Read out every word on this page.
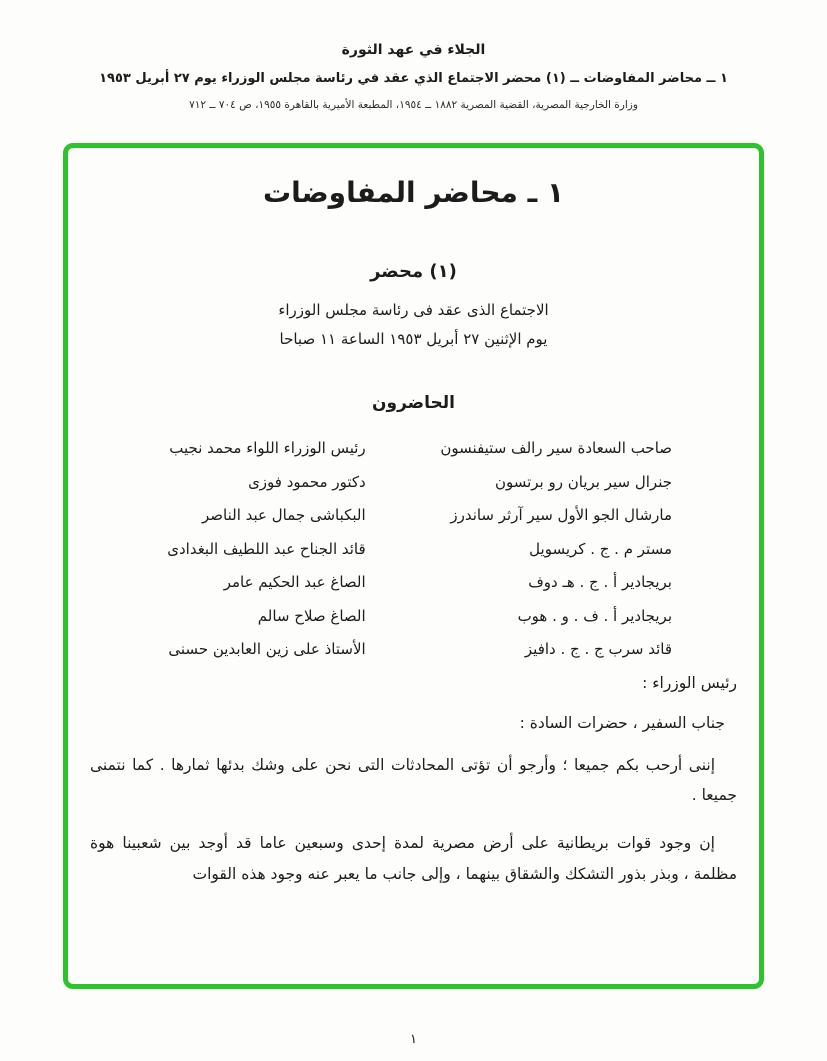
الجلاء في عهد الثورة
١ ــ محاضر المفاوضات ــ (١) محضر الاجتماع الذي عقد في رئاسة مجلس الوزراء يوم ٢٧ أبريل ١٩٥٣
وزارة الخارجية المصرية، القضية المصرية ١٨٨٢ ــ ١٩٥٤، المطبعة الأميرية بالقاهرة ١٩٥٥، ص ٧٠٤ ــ ٧١٢
١ ـ محاضر المفاوضات
(١) محضر
الاجتماع الذى عقد فى رئاسة مجلس الوزراء
يوم الإثنين ٢٧ أبريل ١٩٥٣ الساعة ١١ صباحا
الحاضرون
صاحب السعادة سير رالف ستيفنسون
رئيس الوزراء اللواء محمد نجيب
جنرال سير بريان رو برتسون
دكتور محمود فوزى
مارشال الجو الأول سير آرثر ساندرز
البكباشى جمال عبد الناصر
مستر م . ج . كريسويل
قائد الجناح عبد اللطيف البغدادى
بريجادير أ . ج . هـ دوف
الصاغ عبد الحكيم عامر
بريجادير أ . ف . و . هوب
الصاغ صلاح سالم
قائد سرب ج . ج . دافيز
الأستاذ على زين العابدين حسنى
رئيس الوزراء :
جناب السفير ، حضرات السادة :
إننى أرحب بكم جميعا ؛ وأرجو أن تؤتى المحادثات التى نحن على وشك بدئها ثمارها . كما نتمنى جميعا .
إن وجود قوات بريطانية على أرض مصرية لمدة إحدى وسبعين عاما قد أوجد بين شعبينا هوة مظلمة ، وبذر بذور التشكك والشقاق بينهما ، وإلى جانب ما يعبر عنه وجود هذه القوات
١
